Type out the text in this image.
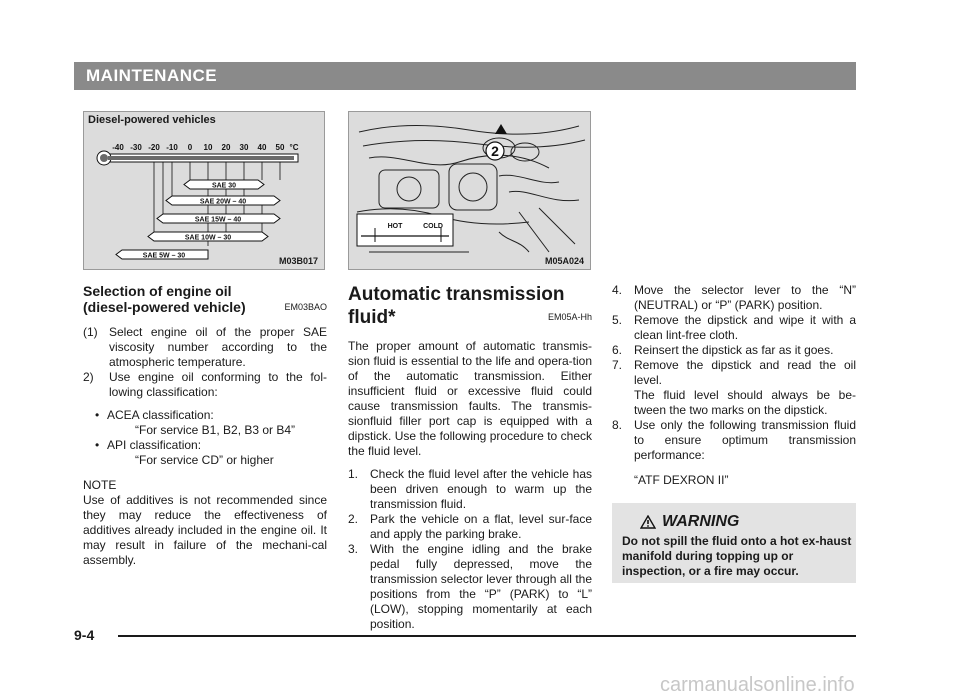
MAINTENANCE
Diesel-powered vehicles
-40 -30 -20 -10 0 10 20 30 40 50 °C
SAE 30
SAE 20W – 40
SAE 15W – 40
SAE 10W – 30
SAE 5W – 30	M03B017
2
HOT	COLD
M05A024
Selection of engine oil
(diesel-powered vehicle)	EM03BAO
(1) Select engine oil of the proper SAE viscosity number according to the atmospheric temperature.
2)	Use engine oil conforming to the fol-lowing classification:
• ACEA classification:
“For service B1, B2, B3 or B4”
• API classification:
“For service CD” or higher
NOTE
Use of additives is not recommended since they may reduce the effectiveness of additives already included in the engine oil. It may result in failure of the mechani-cal assembly.
Automatic transmission
fluid*	EM05A-Hh
The proper amount of automatic transmis-sion fluid is essential to the life and opera-tion of the automatic transmission. Either insufficient fluid or excessive fluid could cause transmission faults. The transmis-sionfluid filler port cap is equipped with a dipstick. Use the following procedure to check the fluid level.
1. Check the fluid level after the vehicle has been driven enough to warm up the transmission fluid.
2. Park the vehicle on a flat, level sur-face and apply the parking brake.
3. With the engine idling and the brake pedal fully depressed, move the transmission selector lever through all the positions from the “P” (PARK) to “L” (LOW), stopping momentarily at each position.
4. Move the selector lever to the “N” (NEUTRAL) or “P” (PARK) position.
5. Remove the dipstick and wipe it with a clean lint-free cloth.
6. Reinsert the dipstick as far as it goes.
7. Remove the dipstick and read the oil level.
The fluid level should always be be-tween the two marks on the dipstick.
8. Use only the following transmission fluid to ensure optimum transmission performance:
“ATF DEXRON II”
WARNING
Do not spill the fluid onto a hot ex-haust manifold during topping up or inspection, or a fire may occur.
9-4
carmanualsonline.info
